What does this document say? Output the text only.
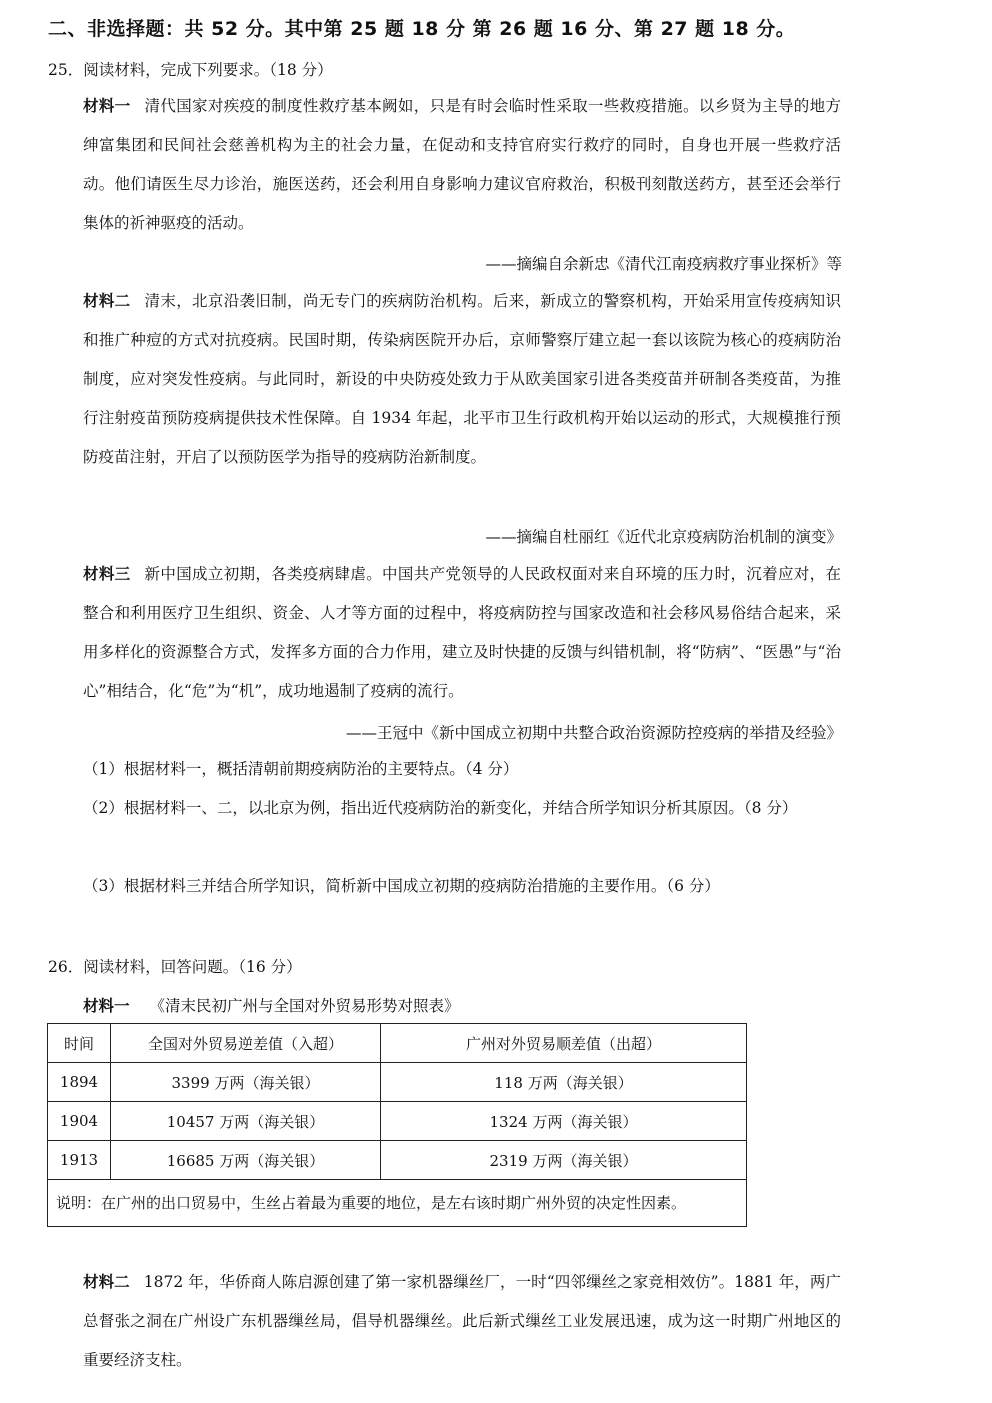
二、非选择题：共 52 分。其中第 25 题 18 分 第 26 题 16 分、第 27 题 18 分。
25．阅读材料，完成下列要求。（18 分）
材料一 清代国家对疾疫的制度性救疗基本阙如，只是有时会临时性采取一些救疫措施。以乡贤为主导的地方绅富集团和民间社会慈善机构为主的社会力量，在促动和支持官府实行救疗的同时，自身也开展一些救疗活动。他们请医生尽力诊治，施医送药，还会利用自身影响力建议官府救治，积极刊刻散送药方，甚至还会举行集体的祈神驱疫的活动。
——摘编自余新忠《清代江南疫病救疗事业探析》等
材料二 清末，北京沿袭旧制，尚无专门的疾病防治机构。后来，新成立的警察机构，开始采用宣传疫病知识和推广种痘的方式对抗疫病。民国时期，传染病医院开办后，京师警察厅建立起一套以该院为核心的疫病防治制度，应对突发性疫病。与此同时，新设的中央防疫处致力于从欧美国家引进各类疫苗并研制各类疫苗，为推行注射疫苗预防疫病提供技术性保障。自 1934 年起，北平市卫生行政机构开始以运动的形式，大规模推行预防疫苗注射，开启了以预防医学为指导的疫病防治新制度。
——摘编自杜丽红《近代北京疫病防治机制的演变》
材料三 新中国成立初期，各类疫病肆虐。中国共产党领导的人民政权面对来自环境的压力时，沉着应对，在整合和利用医疗卫生组织、资金、人才等方面的过程中，将疫病防控与国家改造和社会移风易俗结合起来，采用多样化的资源整合方式，发挥多方面的合力作用，建立及时快捷的反馈与纠错机制，将“防病”、“医愚”与“治心”相结合，化“危”为“机”，成功地遏制了疫病的流行。
——王冠中《新中国成立初期中共整合政治资源防控疫病的举措及经验》
（1）根据材料一，概括清朝前期疫病防治的主要特点。（4 分）
（2）根据材料一、二，以北京为例，指出近代疫病防治的新变化，并结合所学知识分析其原因。（8 分）
（3）根据材料三并结合所学知识，简析新中国成立初期的疫病防治措施的主要作用。（6 分）
26．阅读材料，回答问题。（16 分）
材料一 《清末民初广州与全国对外贸易形势对照表》
时间	全国对外贸易逆差值（入超）	广州对外贸易顺差值（出超）
1894	3399 万两（海关银）	118 万两（海关银）
1904	10457 万两（海关银）	1324 万两（海关银）
1913	16685 万两（海关银）	2319 万两（海关银）
说明：在广州的出口贸易中，生丝占着最为重要的地位，是左右该时期广州外贸的决定性因素。		
材料二 1872 年，华侨商人陈启源创建了第一家机器缫丝厂，一时“四邻缫丝之家竞相效仿”。1881 年，两广总督张之洞在广州设广东机器缫丝局，倡导机器缫丝。此后新式缫丝工业发展迅速，成为这一时期广州地区的重要经济支柱。
